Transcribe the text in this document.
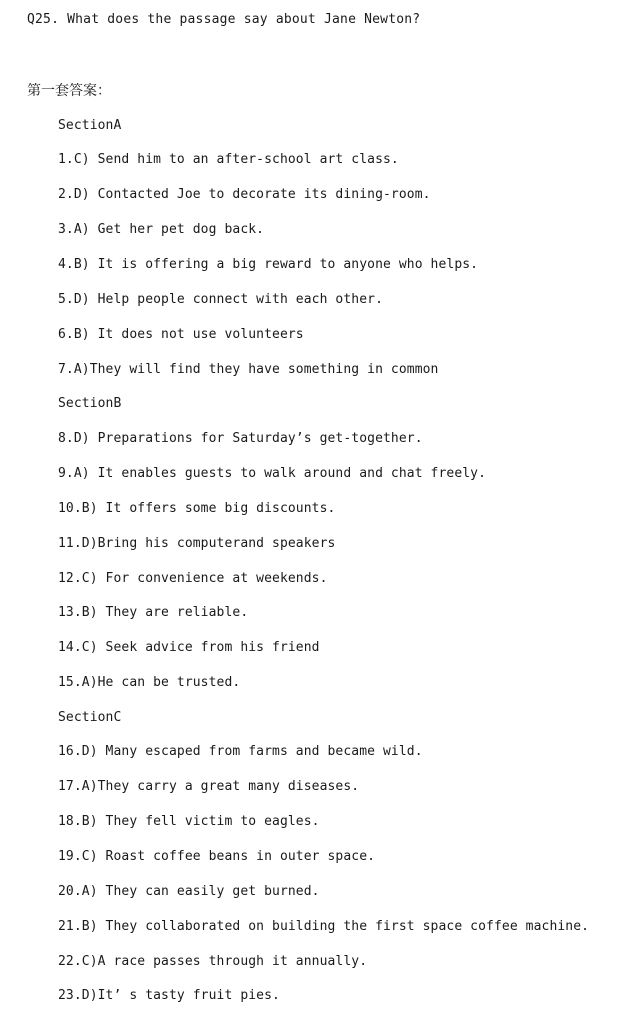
Q25. What does the passage say about Jane Newton?
第一套答案：
SectionA
1.C) Send him to an after-school art class.
2.D) Contacted Joe to decorate its dining-room.
3.A) Get her pet dog back.
4.B) It is offering a big reward to anyone who helps.
5.D) Help people connect with each other.
6.B) It does not use volunteers
7.A)They will find they have something in common
SectionB
8.D) Preparations for Saturday’s get-together.
9.A) It enables guests to walk around and chat freely.
10.B) It offers some big discounts.
11.D)Bring his computerand speakers
12.C) For convenience at weekends.
13.B) They are reliable.
14.C) Seek advice from his friend
15.A)He can be trusted.
SectionC
16.D) Many escaped from farms and became wild.
17.A)They carry a great many diseases.
18.B) They fell victim to eagles.
19.C) Roast coffee beans in outer space.
20.A) They can easily get burned.
21.B) They collaborated on building the first space coffee machine.
22.C)A race passes through it annually.
23.D)It’ s tasty fruit pies.
